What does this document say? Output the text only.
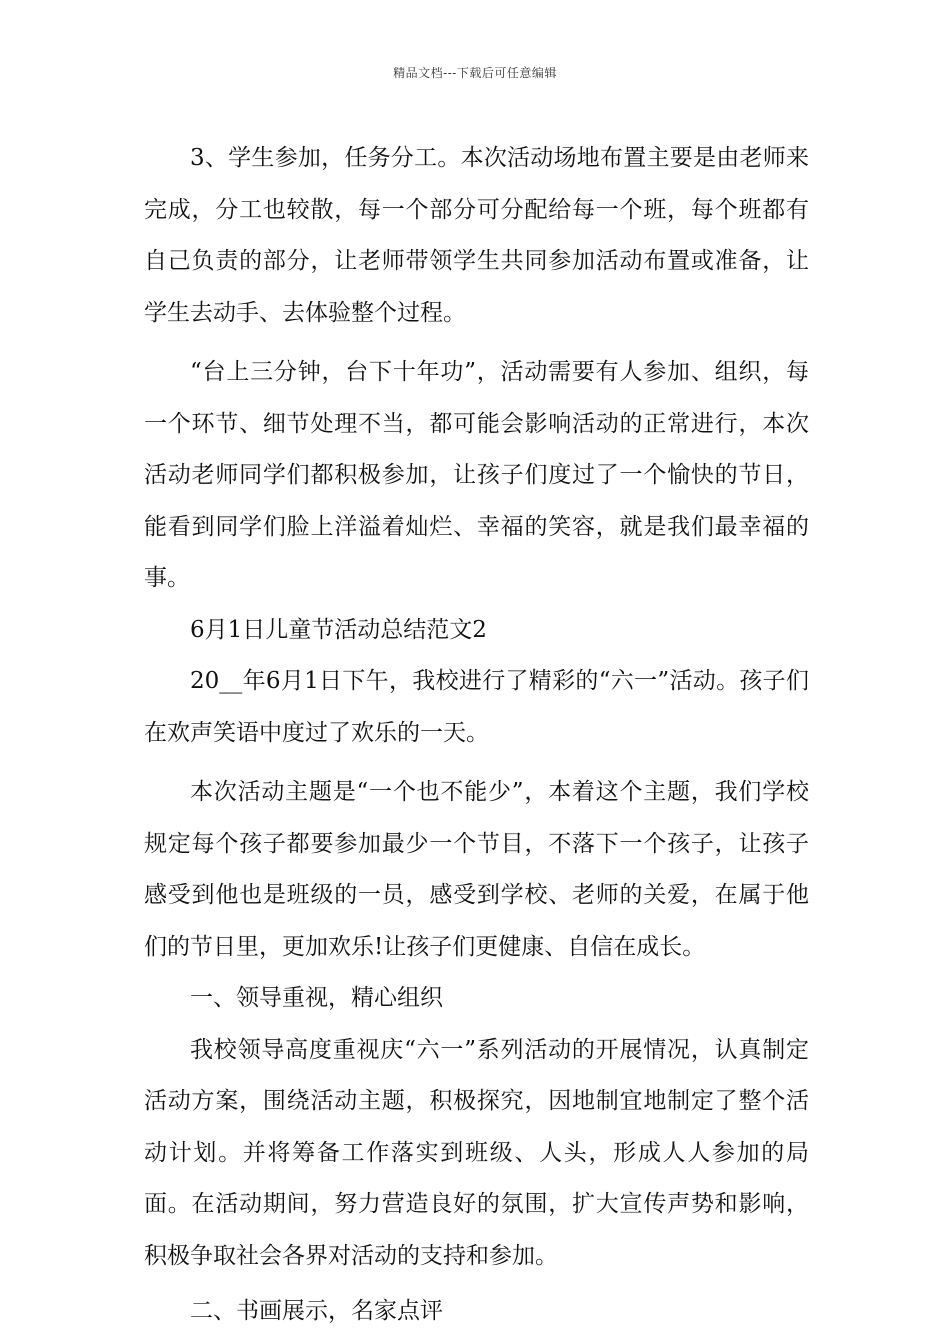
精品文档---下载后可任意编辑

3、学生参加，任务分工。本次活动场地布置主要是由老师来完成，分工也较散，每一个部分可分配给每一个班，每个班都有自己负责的部分，让老师带领学生共同参加活动布置或准备，让学生去动手、去体验整个过程。

“台上三分钟，台下十年功”，活动需要有人参加、组织，每一个环节、细节处理不当，都可能会影响活动的正常进行，本次活动老师同学们都积极参加，让孩子们度过了一个愉快的节日，能看到同学们脸上洋溢着灿烂、幸福的笑容，就是我们最幸福的事。

6月1日儿童节活动总结范文2

20__年6月1日下午，我校进行了精彩的“六一”活动。孩子们在欢声笑语中度过了欢乐的一天。

本次活动主题是“一个也不能少”，本着这个主题，我们学校规定每个孩子都要参加最少一个节目，不落下一个孩子，让孩子感受到他也是班级的一员，感受到学校、老师的关爱，在属于他们的节日里，更加欢乐!让孩子们更健康、自信在成长。

一、领导重视，精心组织

我校领导高度重视庆“六一”系列活动的开展情况，认真制定活动方案，围绕活动主题，积极探究，因地制宜地制定了整个活动计划。并将筹备工作落实到班级、人头，形成人人参加的局面。在活动期间，努力营造良好的氛围，扩大宣传声势和影响，积极争取社会各界对活动的支持和参加。

二、书画展示，名家点评
